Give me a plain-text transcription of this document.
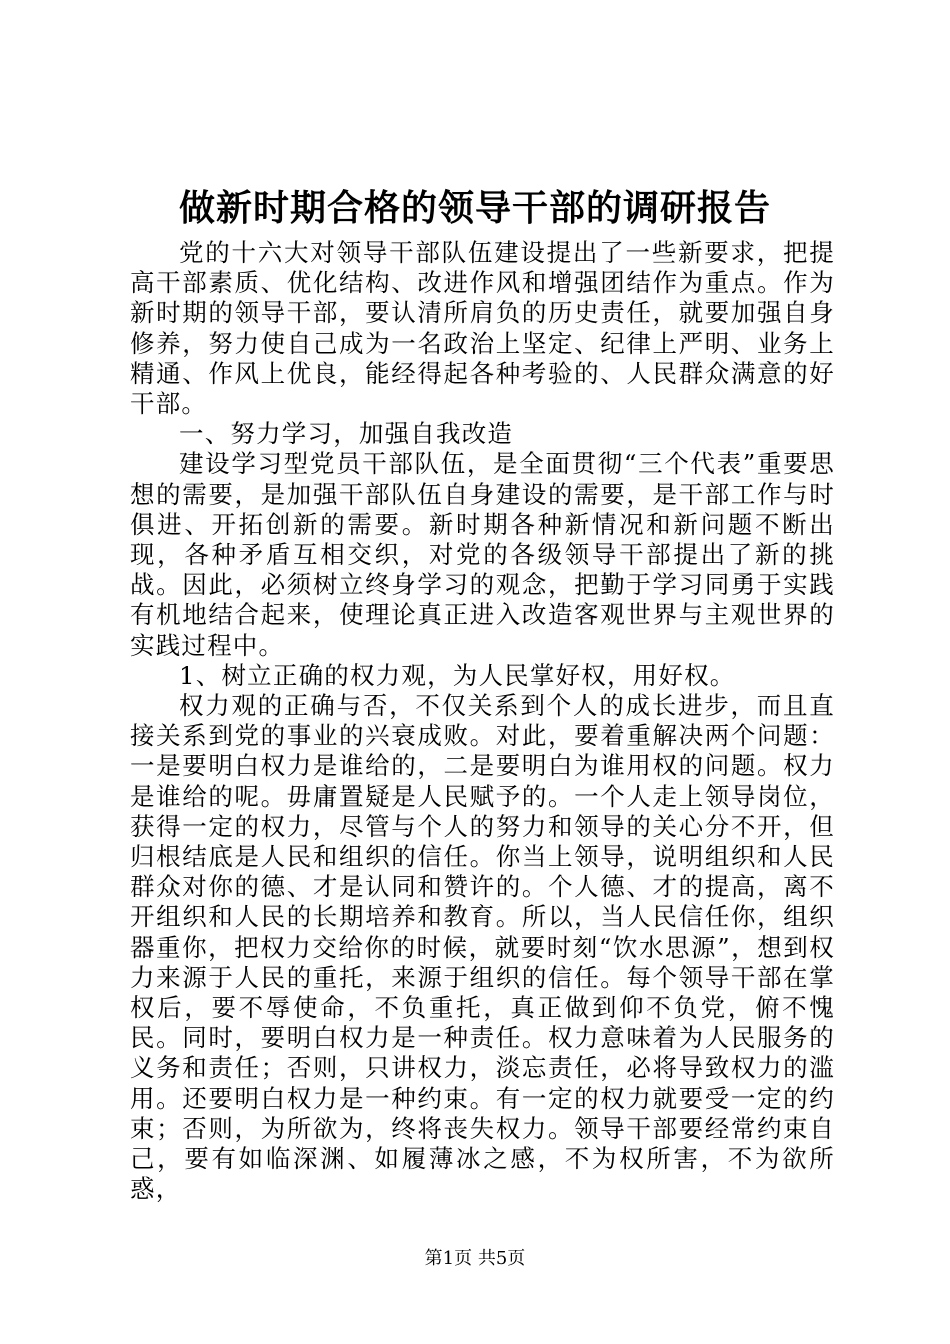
做新时期合格的领导干部的调研报告

党的十六大对领导干部队伍建设提出了一些新要求，把提高干部素质、优化结构、改进作风和增强团结作为重点。作为新时期的领导干部，要认清所肩负的历史责任，就要加强自身修养，努力使自己成为一名政治上坚定、纪律上严明、业务上精通、作风上优良，能经得起各种考验的、人民群众满意的好干部。

一、努力学习，加强自我改造

建设学习型党员干部队伍，是全面贯彻“三个代表”重要思想的需要，是加强干部队伍自身建设的需要，是干部工作与时俱进、开拓创新的需要。新时期各种新情况和新问题不断出现，各种矛盾互相交织，对党的各级领导干部提出了新的挑战。因此，必须树立终身学习的观念，把勤于学习同勇于实践有机地结合起来，使理论真正进入改造客观世界与主观世界的实践过程中。

1、树立正确的权力观，为人民掌好权，用好权。

权力观的正确与否，不仅关系到个人的成长进步，而且直接关系到党的事业的兴衰成败。对此，要着重解决两个问题：一是要明白权力是谁给的，二是要明白为谁用权的问题。权力是谁给的呢。毋庸置疑是人民赋予的。一个人走上领导岗位，获得一定的权力，尽管与个人的努力和领导的关心分不开，但归根结底是人民和组织的信任。你当上领导，说明组织和人民群众对你的德、才是认同和赞许的。个人德、才的提高，离不开组织和人民的长期培养和教育。所以，当人民信任你，组织器重你，把权力交给你的时候，就要时刻“饮水思源”，想到权力来源于人民的重托，来源于组织的信任。每个领导干部在掌权后，要不辱使命，不负重托，真正做到仰不负党，俯不愧民。同时，要明白权力是一种责任。权力意味着为人民服务的义务和责任；否则，只讲权力，淡忘责任，必将导致权力的滥用。还要明白权力是一种约束。有一定的权力就要受一定的约束；否则，为所欲为，终将丧失权力。领导干部要经常约束自己，要有如临深渊、如履薄冰之感，不为权所害，不为欲所惑，

第1页 共5页
